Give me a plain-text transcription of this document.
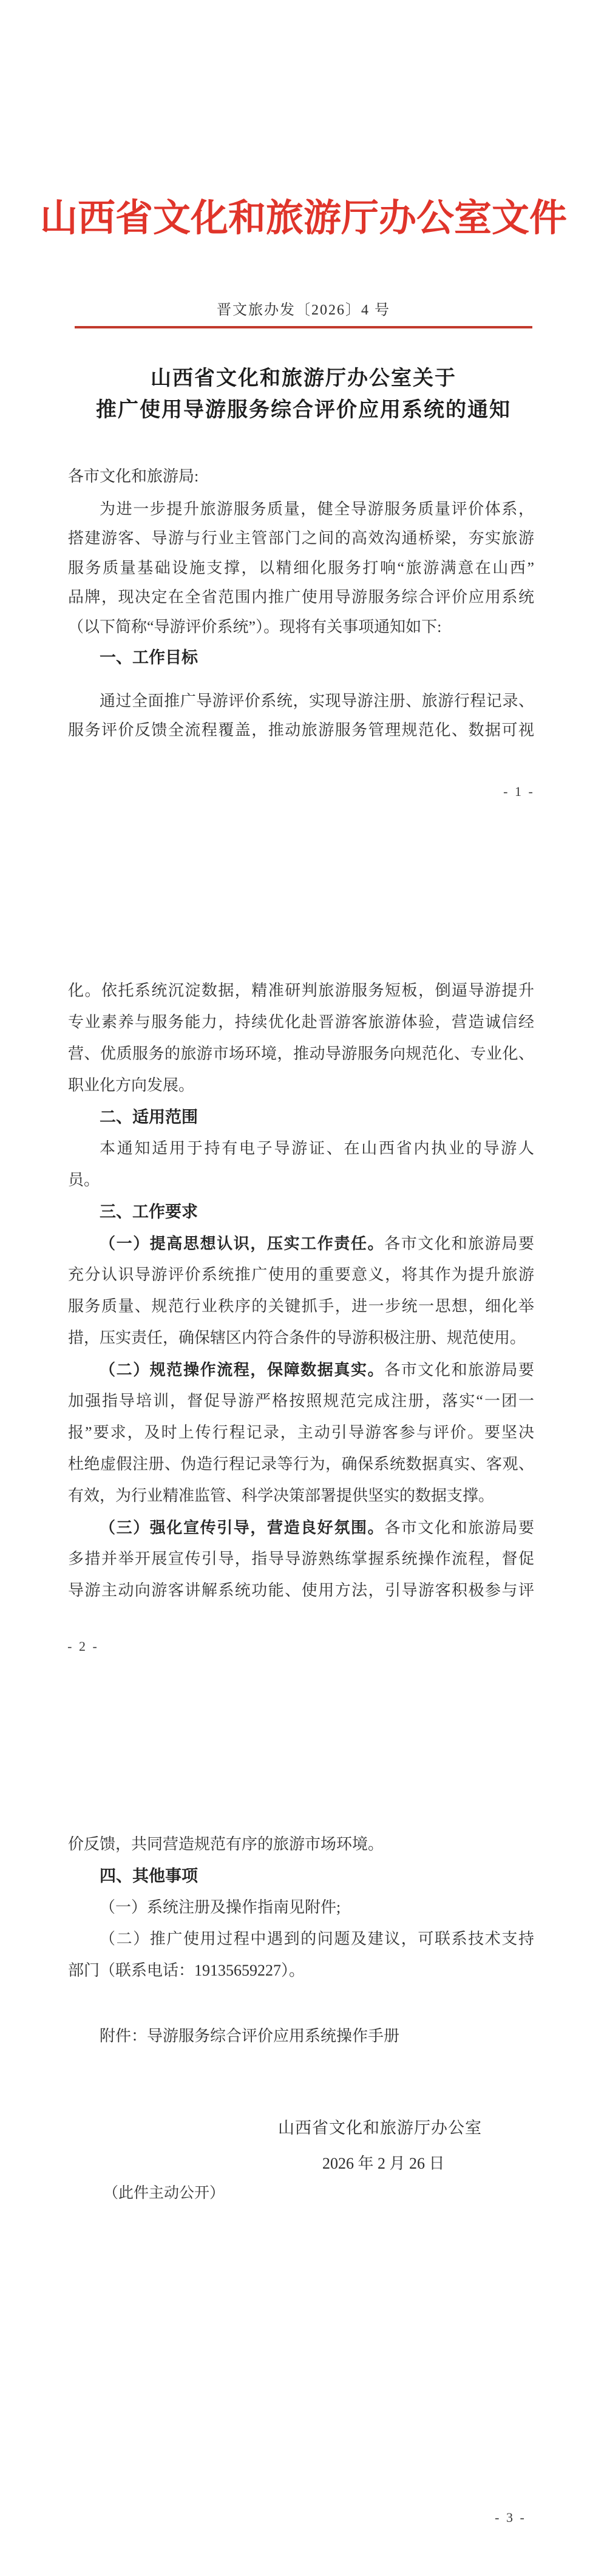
山西省文化和旅游厅办公室文件
晋文旅办发〔2026〕4 号
山西省文化和旅游厅办公室关于
推广使用导游服务综合评价应用系统的通知
各市文化和旅游局:
为进一步提升旅游服务质量，健全导游服务质量评价体系，
搭建游客、导游与行业主管部门之间的高效沟通桥梁，夯实旅游
服务质量基础设施支撑，以精细化服务打响“旅游满意在山西”
品牌，现决定在全省范围内推广使用导游服务综合评价应用系统
（以下简称“导游评价系统”）。现将有关事项通知如下:
一、工作目标
通过全面推广导游评价系统，实现导游注册、旅游行程记录、
服务评价反馈全流程覆盖，推动旅游服务管理规范化、数据可视
- 1 -
化。依托系统沉淀数据，精准研判旅游服务短板，倒逼导游提升
专业素养与服务能力，持续优化赴晋游客旅游体验，营造诚信经
营、优质服务的旅游市场环境，推动导游服务向规范化、专业化、
职业化方向发展。
二、适用范围
本通知适用于持有电子导游证、在山西省内执业的导游人
员。
三、工作要求
（一）提高思想认识，压实工作责任。各市文化和旅游局要
充分认识导游评价系统推广使用的重要意义，将其作为提升旅游
服务质量、规范行业秩序的关键抓手，进一步统一思想，细化举
措，压实责任，确保辖区内符合条件的导游积极注册、规范使用。
（二）规范操作流程，保障数据真实。各市文化和旅游局要
加强指导培训，督促导游严格按照规范完成注册，落实“一团一
报”要求，及时上传行程记录，主动引导游客参与评价。要坚决
杜绝虚假注册、伪造行程记录等行为，确保系统数据真实、客观、
有效，为行业精准监管、科学决策部署提供坚实的数据支撑。
（三）强化宣传引导，营造良好氛围。各市文化和旅游局要
多措并举开展宣传引导，指导导游熟练掌握系统操作流程，督促
导游主动向游客讲解系统功能、使用方法，引导游客积极参与评
- 2 -
价反馈，共同营造规范有序的旅游市场环境。
四、其他事项
（一）系统注册及操作指南见附件;
（二）推广使用过程中遇到的问题及建议，可联系技术支持
部门（联系电话：19135659227）。
附件：导游服务综合评价应用系统操作手册
山西省文化和旅游厅办公室
2026 年 2 月 26 日
（此件主动公开）
- 3 -
